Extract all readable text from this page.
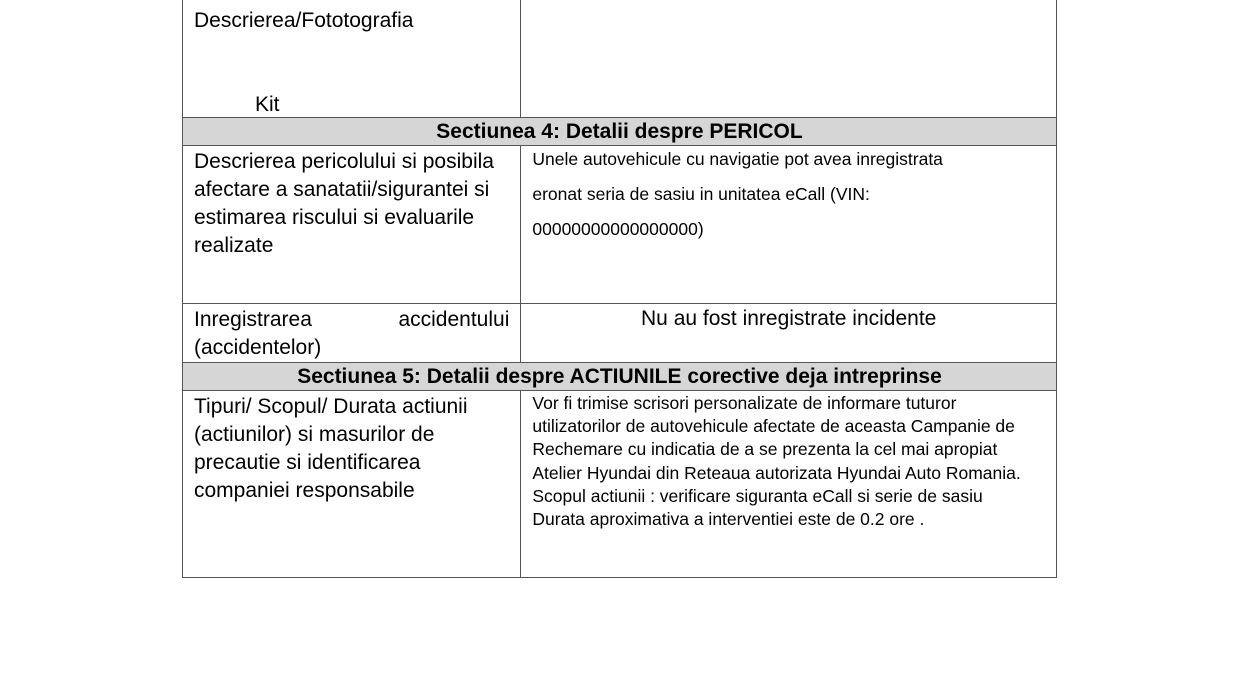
Descrierea/Fototografia
Kit	

Sectiunea 4: Detalii despre PERICOL	

Descrierea pericolului si posibila afectare a sanatatii/sigurantei si estimarea riscului si evaluarile realizate	Unele autovehicule cu navigatie pot avea inregistrata
eronat seria de sasiu in unitatea eCall (VIN:
00000000000000000)

Inregistrarea accidentului (accidentelor)	Nu au fost inregistrate incidente

Sectiunea 5: Detalii despre ACTIUNILE corective deja intreprinse	

Tipuri/ Scopul/ Durata actiunii (actiunilor) si masurilor de precautie si identificarea companiei responsabile	Vor fi trimise scrisori personalizate de informare tuturor utilizatorilor de autovehicule afectate de aceasta Campanie de Rechemare cu indicatia de a se prezenta la cel mai apropiat Atelier Hyundai din Reteaua autorizata Hyundai Auto Romania.

Scopul actiunii : verificare siguranta eCall si serie de sasiu

Durata aproximativa a interventiei este de 0.2 ore .
